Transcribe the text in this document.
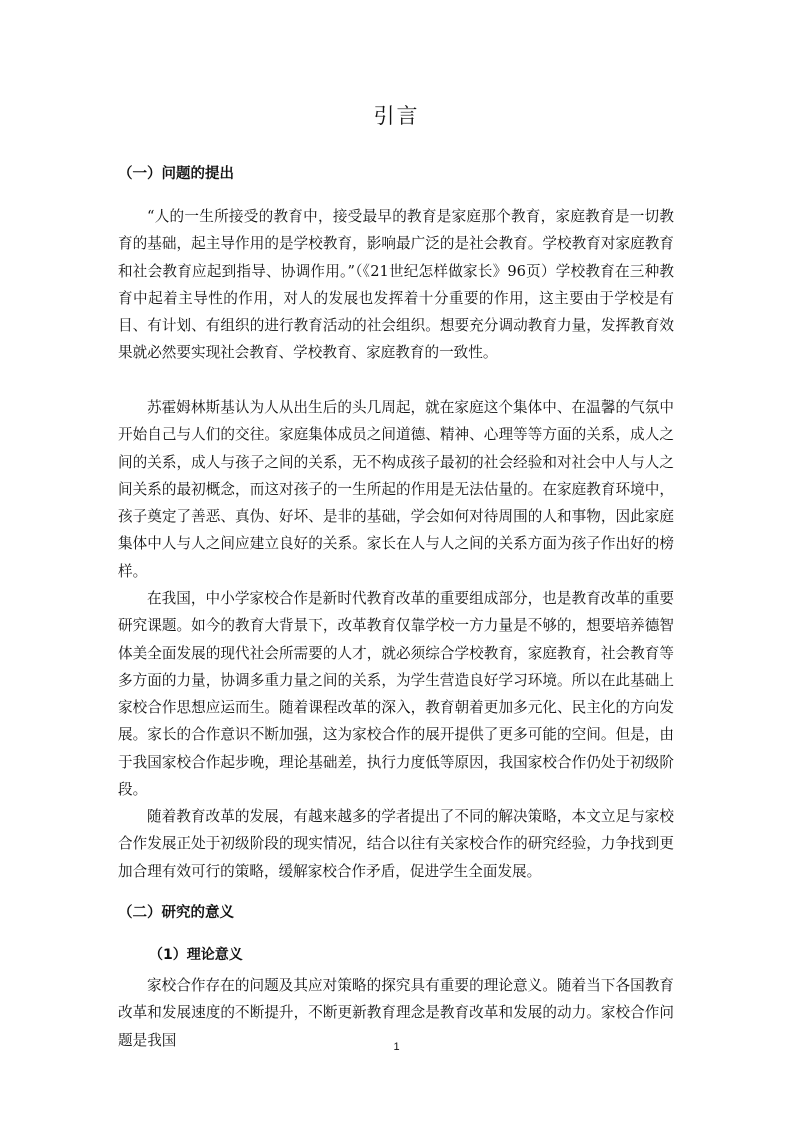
引言
（一）问题的提出

“人的一生所接受的教育中，接受最早的教育是家庭那个教育，家庭教育是一切教育的基础，起主导作用的是学校教育，影响最广泛的是社会教育。学校教育对家庭教育和社会教育应起到指导、协调作用。”（《21世纪怎样做家长》96页）学校教育在三种教育中起着主导性的作用，对人的发展也发挥着十分重要的作用，这主要由于学校是有目、有计划、有组织的进行教育活动的社会组织。想要充分调动教育力量，发挥教育效果就必然要实现社会教育、学校教育、家庭教育的一致性。

苏霍姆林斯基认为人从出生后的头几周起，就在家庭这个集体中、在温馨的气氛中开始自己与人们的交往。家庭集体成员之间道德、精神、心理等等方面的关系，成人之间的关系，成人与孩子之间的关系，无不构成孩子最初的社会经验和对社会中人与人之间关系的最初概念，而这对孩子的一生所起的作用是无法估量的。在家庭教育环境中，孩子奠定了善恶、真伪、好坏、是非的基础，学会如何对待周围的人和事物，因此家庭集体中人与人之间应建立良好的关系。家长在人与人之间的关系方面为孩子作出好的榜样。

在我国，中小学家校合作是新时代教育改革的重要组成部分，也是教育改革的重要研究课题。如今的教育大背景下，改革教育仅靠学校一方力量是不够的，想要培养德智体美全面发展的现代社会所需要的人才，就必须综合学校教育，家庭教育，社会教育等多方面的力量，协调多重力量之间的关系，为学生营造良好学习环境。所以在此基础上家校合作思想应运而生。随着课程改革的深入，教育朝着更加多元化、民主化的方向发展。家长的合作意识不断加强，这为家校合作的展开提供了更多可能的空间。但是，由于我国家校合作起步晚，理论基础差，执行力度低等原因，我国家校合作仍处于初级阶段。

随着教育改革的发展，有越来越多的学者提出了不同的解决策略，本文立足与家校合作发展正处于初级阶段的现实情况，结合以往有关家校合作的研究经验，力争找到更加合理有效可行的策略，缓解家校合作矛盾，促进学生全面发展。

（二）研究的意义
（1）理论意义

家校合作存在的问题及其应对策略的探究具有重要的理论意义。随着当下各国教育改革和发展速度的不断提升，不断更新教育理念是教育改革和发展的动力。家校合作问题是我国	1
